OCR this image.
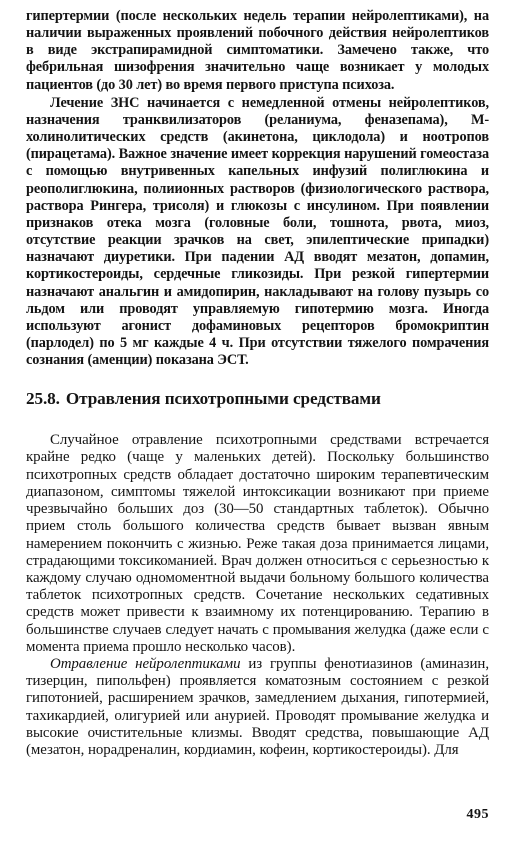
гипертермии (после нескольких недель терапии нейролептиками), на наличии выраженных проявлений побочного действия нейролептиков в виде экстрапирамидной симптоматики. Замечено также, что фебрильная шизофрения значительно чаще возникает у молодых пациентов (до 30 лет) во время первого приступа психоза.

Лечение ЗНС начинается с немедленной отмены нейролептиков, назначения транквилизаторов (реланиума, феназепама), М-холинолитических средств (акинетона, циклодола) и ноотропов (пирацетама). Важное значение имеет коррекция нарушений гомеостаза с помощью внутривенных капельных инфузий полиглюкина и реополиглюкина, полиионных растворов (физиологического раствора, раствора Рингера, трисоля) и глюкозы с инсулином. При появлении признаков отека мозга (головные боли, тошнота, рвота, миоз, отсутствие реакции зрачков на свет, эпилептические припадки) назначают диуретики. При падении АД вводят мезатон, допамин, кортикостероиды, сердечные гликозиды. При резкой гипертермии назначают анальгин и амидопирин, накладывают на голову пузырь со льдом или проводят управляемую гипотермию мозга. Иногда используют агонист дофаминовых рецепторов бромокриптин (парлодел) по 5 мг каждые 4 ч. При отсутствии тяжелого помрачения сознания (аменции) показана ЭСТ.

25.8. Отравления психотропными средствами

Случайное отравление психотропными средствами встречается крайне редко (чаще у маленьких детей). Поскольку большинство психотропных средств обладает достаточно широким терапевтическим диапазоном, симптомы тяжелой интоксикации возникают при приеме чрезвычайно больших доз (30—50 стандартных таблеток). Обычно прием столь большого количества средств бывает вызван явным намерением покончить с жизнью. Реже такая доза принимается лицами, страдающими токсикоманией. Врач должен относиться с серьезностью к каждому случаю одномоментной выдачи больному большого количества таблеток психотропных средств. Сочетание нескольких седативных средств может привести к взаимному их потенцированию. Терапию в большинстве случаев следует начать с промывания желудка (даже если с момента приема прошло несколько часов).

Отравление нейролептиками из группы фенотиазинов (аминазин, тизерцин, пипольфен) проявляется коматозным состоянием с резкой гипотонией, расширением зрачков, замедлением дыхания, гипотермией, тахикардией, олигурией или анурией. Проводят промывание желудка и высокие очистительные клизмы. Вводят средства, повышающие АД (мезатон, норадреналин, кордиамин, кофеин, кортикостероиды). Для

495
